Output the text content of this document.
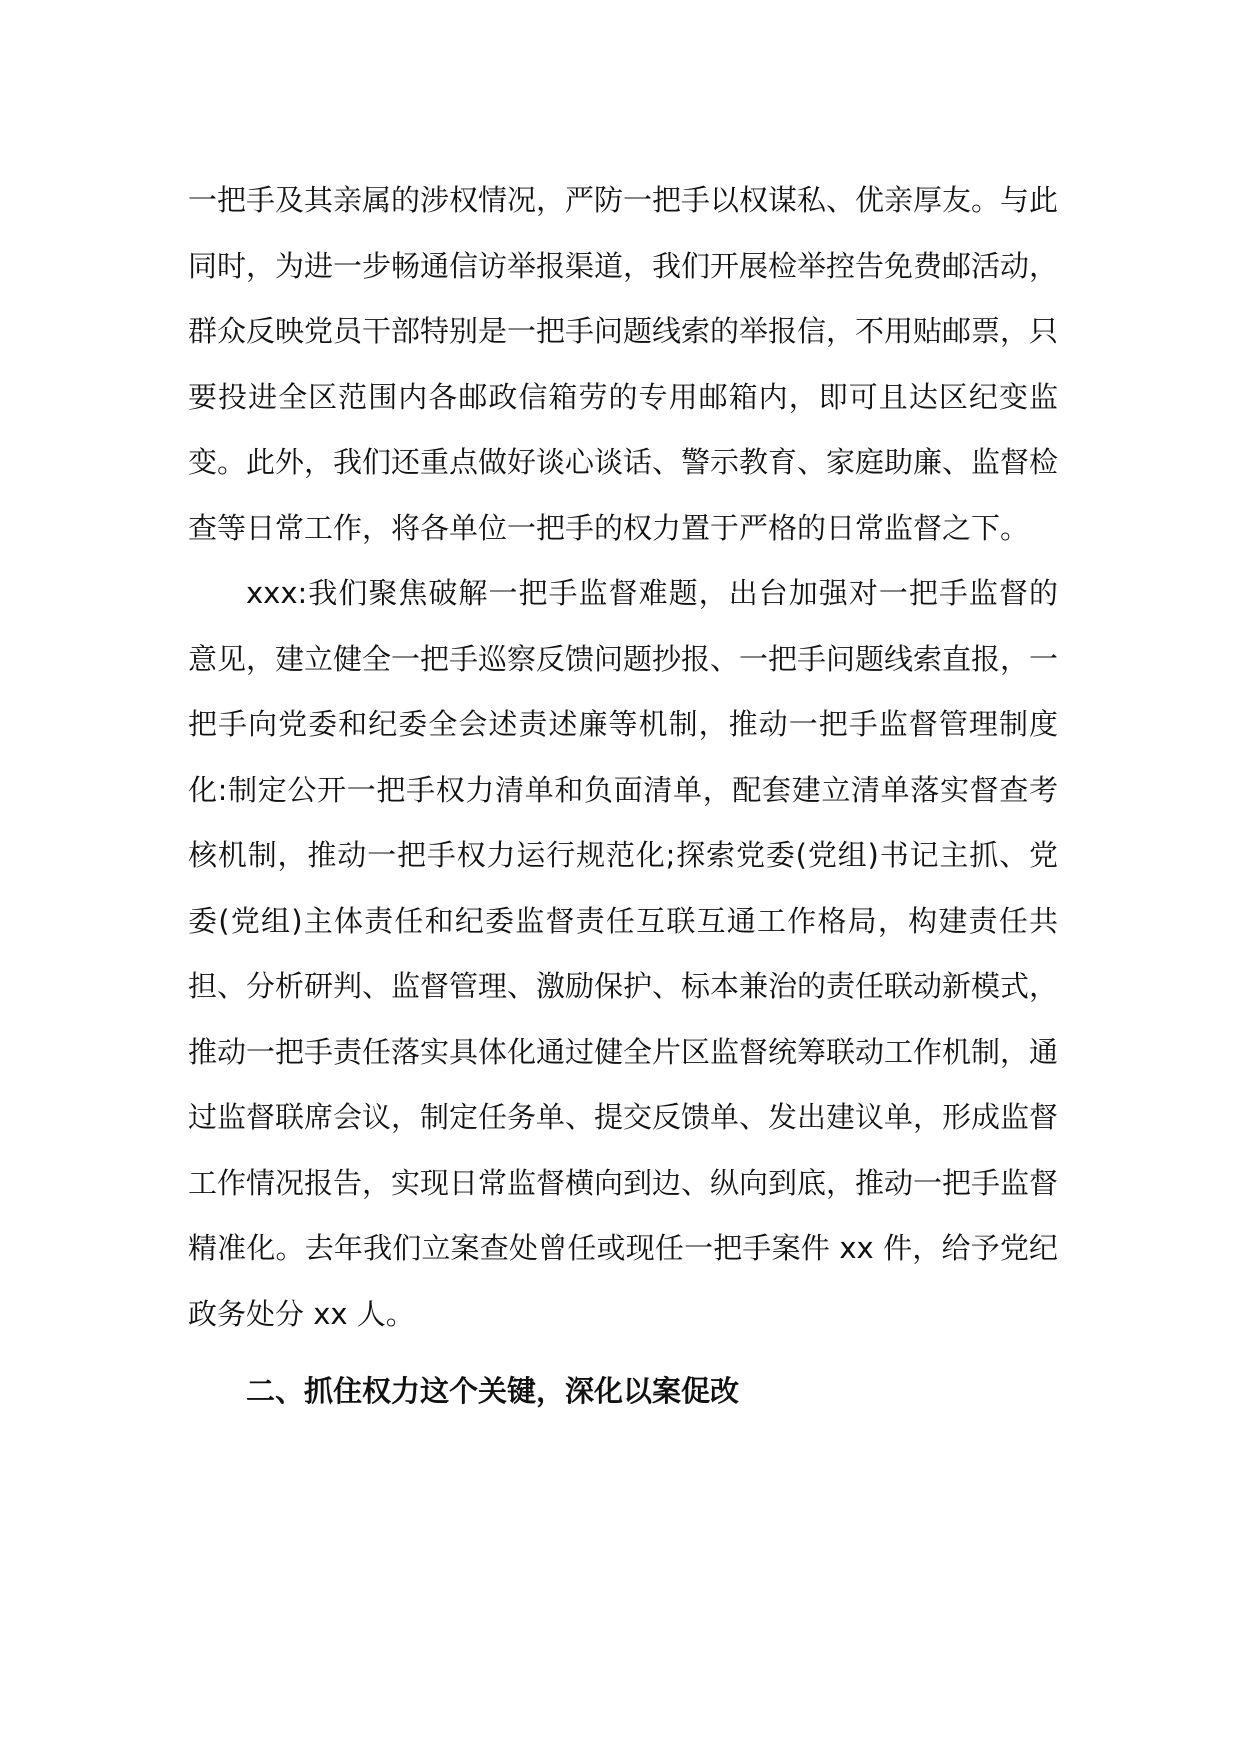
一把手及其亲属的涉权情况，严防一把手以权谋私、优亲厚友。与此同时，为进一步畅通信访举报渠道，我们开展检举控告免费邮活动，群众反映党员干部特别是一把手问题线索的举报信，不用贴邮票，只要投进全区范围内各邮政信箱劳的专用邮箱内，即可且达区纪变监变。此外，我们还重点做好谈心谈话、警示教育、家庭助廉、监督检查等日常工作，将各单位一把手的权力置于严格的日常监督之下。

xxx:我们聚焦破解一把手监督难题，出台加强对一把手监督的意见，建立健全一把手巡察反馈问题抄报、一把手问题线索直报，一把手向党委和纪委全会述责述廉等机制，推动一把手监督管理制度化:制定公开一把手权力清单和负面清单，配套建立清单落实督查考核机制，推动一把手权力运行规范化;探索党委(党组)书记主抓、党委(党组)主体责任和纪委监督责任互联互通工作格局，构建责任共担、分析研判、监督管理、激励保护、标本兼治的责任联动新模式，推动一把手责任落实具体化通过健全片区监督统筹联动工作机制，通过监督联席会议，制定任务单、提交反馈单、发出建议单，形成监督工作情况报告，实现日常监督横向到边、纵向到底，推动一把手监督精准化。去年我们立案查处曾任或现任一把手案件 xx 件，给予党纪政务处分 xx 人。

二、抓住权力这个关键，深化以案促改
